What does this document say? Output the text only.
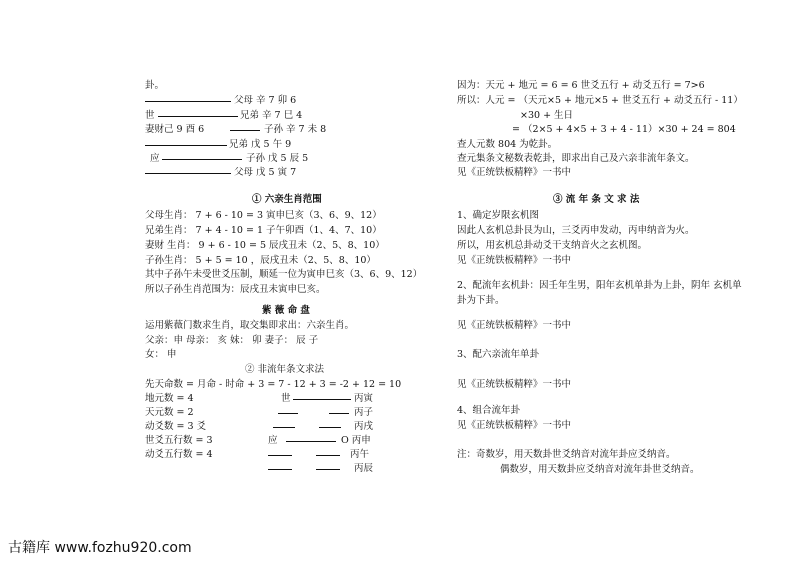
卦。
父母 辛 7 卯 6
世	兄弟 辛 7 巳 4
妻财己 9 酉 6	子孙 辛 7 未 8
兄弟 戊 5 午 9
应	子孙 戊 5 辰 5
父母 戊 5 寅 7
① 六亲生肖范围
父母生肖： 7 + 6 - 10 = 3 寅申巳亥（3、6、9、12）
兄弟生肖： 7 + 4 - 10 = 1 子午卯酉（1、4、7、10）
妻财 生肖： 9 + 6 - 10 = 5 辰戌丑未（2、5、8、10）
子孙生肖： 5 + 5 = 10 ，辰戌丑未（2、5、8、10）
其中子孙午未受世爻压制，顺延一位为寅申巳亥（3、6、9、12）
所以子孙生肖范围为：辰戌丑未寅申巳亥。
紫 薇 命 盘
运用紫薇门数求生肖，取交集即求出：六亲生肖。
父亲：申 母亲： 亥 妹： 卯 妻子： 辰 子
女： 申
② 非流年条文求法
先天命数 = 月命 - 时命 + 3 = 7 - 12 + 3 = -2 + 12 = 10
地元数 = 4	世	丙寅
天元数 = 2	丙子
动爻数 = 3 爻	丙戌
世爻五行数 = 3	应	O 丙申
动爻五行数 = 4	丙午
丙辰
因为：天元 + 地元 = 6 = 6 世爻五行 + 动爻五行 = 7>6
所以：人元 = （天元×5 + 地元×5 + 世爻五行 + 动爻五行 - 11）
×30 + 生日
= （2×5 + 4×5 + 3 + 4 - 11）×30 + 24 = 804
查人元数 804 为乾卦。
查元集条文秘数表乾卦，即求出自己及六亲非流年条文。
见《正统铁板精粹》一书中
③ 流 年 条 文 求 法
1、确定岁限玄机图
因此人玄机总卦艮为山，三爻丙申发动，丙申纳音为火。
所以，用玄机总卦动爻干支纳音火之玄机图。
见《正统铁板精粹》一书中
2、配流年玄机卦：因壬年生男，阳年玄机单卦为上卦，阴年 玄机单
卦为下卦。
见《正统铁板精粹》一书中
3、配六亲流年单卦
见《正统铁板精粹》一书中
4、组合流年卦
见《正统铁板精粹》一书中
注：奇数岁，用天数卦世爻纳音对流年卦应爻纳音。
偶数岁，用天数卦应爻纳音对流年卦世爻纳音。
古籍库 www.fozhu920.com
